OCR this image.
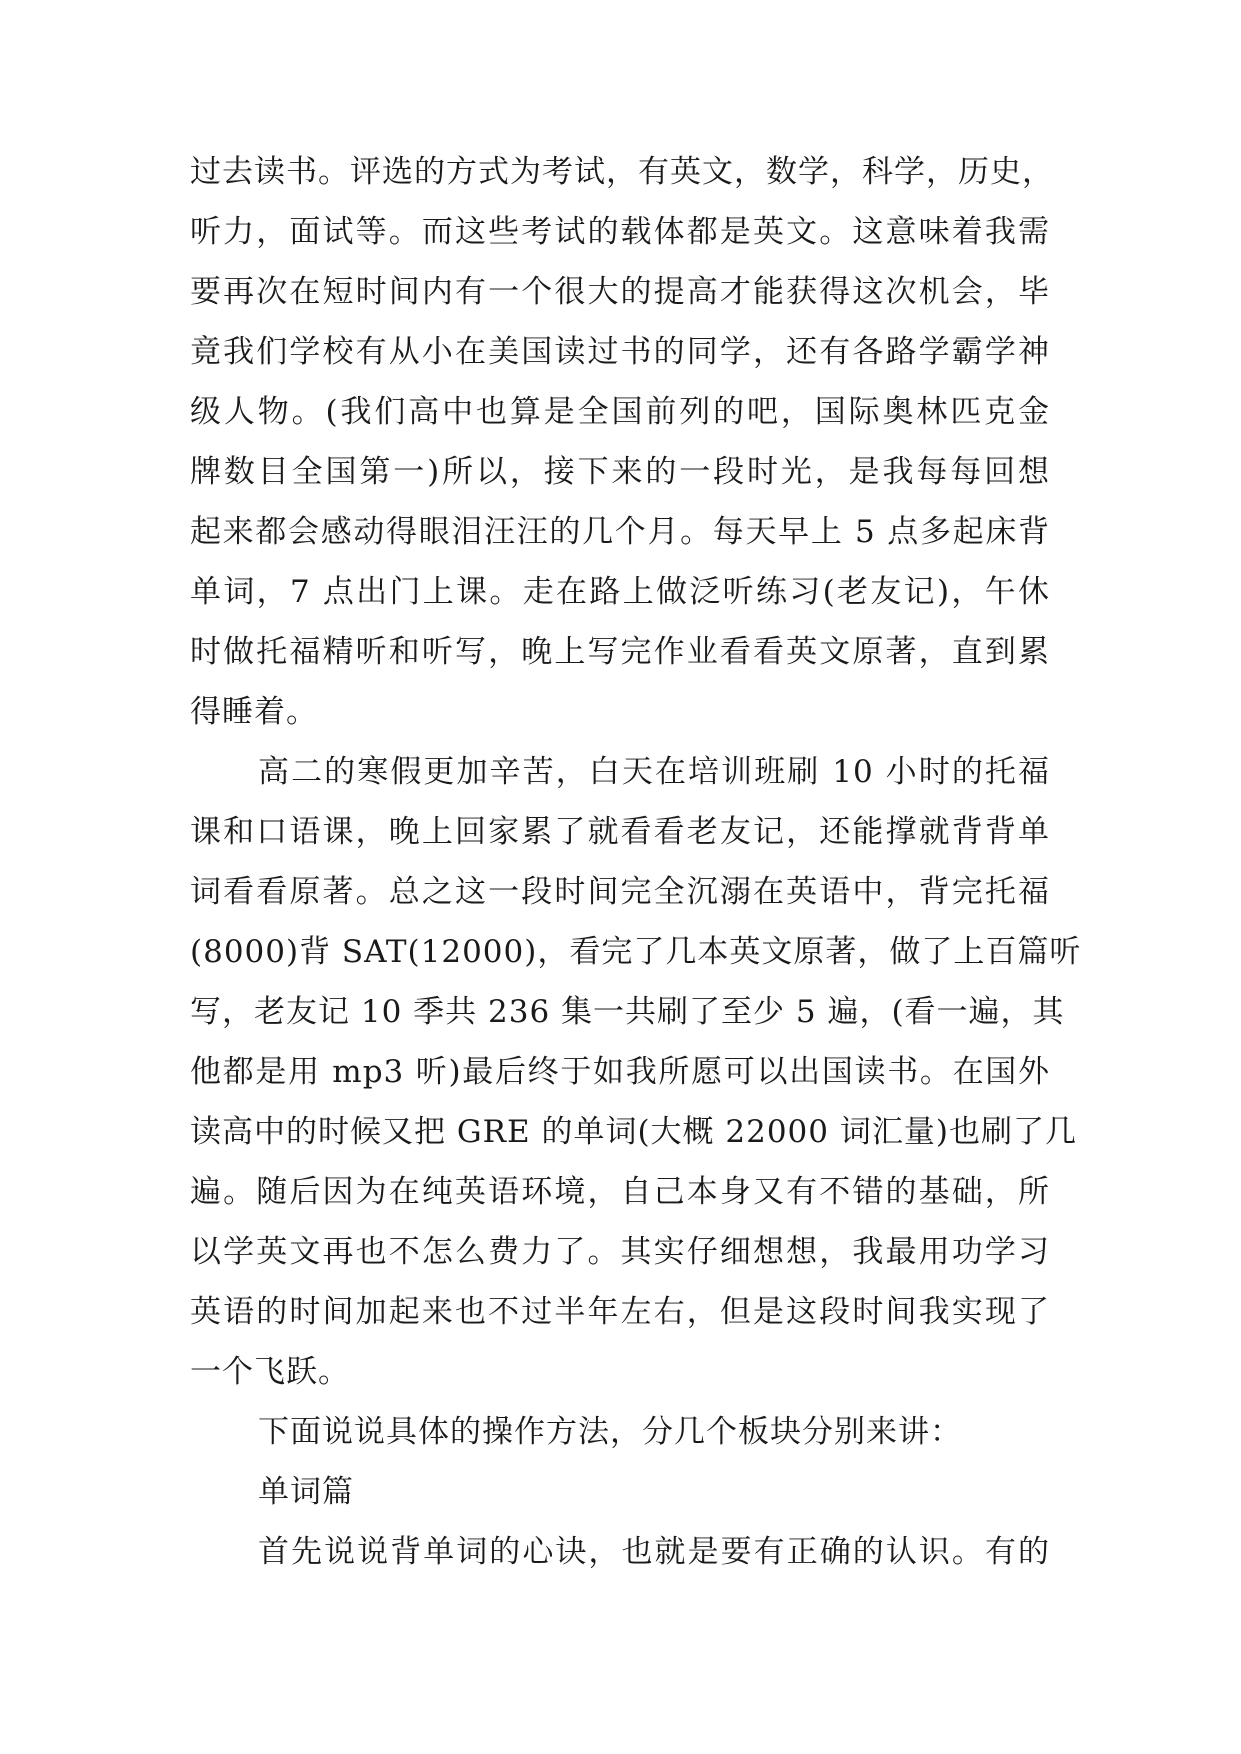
过去读书。评选的方式为考试，有英文，数学，科学，历史，
听力，面试等。而这些考试的载体都是英文。这意味着我需
要再次在短时间内有一个很大的提高才能获得这次机会，毕
竟我们学校有从小在美国读过书的同学，还有各路学霸学神
级人物。(我们高中也算是全国前列的吧，国际奥林匹克金
牌数目全国第一)所以，接下来的一段时光，是我每每回想
起来都会感动得眼泪汪汪的几个月。每天早上 5 点多起床背
单词，7 点出门上课。走在路上做泛听练习(老友记)，午休
时做托福精听和听写，晚上写完作业看看英文原著，直到累
得睡着。
高二的寒假更加辛苦，白天在培训班刷 10 小时的托福
课和口语课，晚上回家累了就看看老友记，还能撑就背背单
词看看原著。总之这一段时间完全沉溺在英语中，背完托福
(8000)背 SAT(12000)，看完了几本英文原著，做了上百篇听
写，老友记 10 季共 236 集一共刷了至少 5 遍，(看一遍，其
他都是用 mp3 听)最后终于如我所愿可以出国读书。在国外
读高中的时候又把 GRE 的单词(大概 22000 词汇量)也刷了几
遍。随后因为在纯英语环境，自己本身又有不错的基础，所
以学英文再也不怎么费力了。其实仔细想想，我最用功学习
英语的时间加起来也不过半年左右，但是这段时间我实现了
一个飞跃。
下面说说具体的操作方法，分几个板块分别来讲：
单词篇
首先说说背单词的心诀，也就是要有正确的认识。有的
